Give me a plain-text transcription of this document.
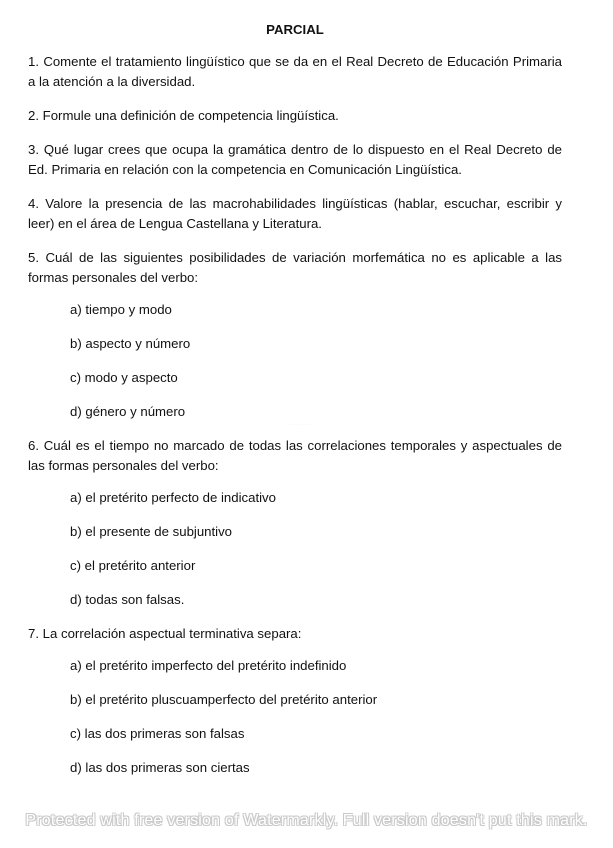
PARCIAL

1. Comente el tratamiento lingüístico que se da en el Real Decreto de Educación Primaria a la atención a la diversidad.

2. Formule una definición de competencia lingüística.

3. Qué lugar crees que ocupa la gramática dentro de lo dispuesto en el Real Decreto de Ed. Primaria en relación con la competencia en Comunicación Lingüística.

4. Valore la presencia de las macrohabilidades lingüísticas (hablar, escuchar, escribir y leer) en el área de Lengua Castellana y Literatura.

5. Cuál de las siguientes posibilidades de variación morfemática no es aplicable a las formas personales del verbo:

a) tiempo y modo
b) aspecto y número
c) modo y aspecto
d) género y número

6. Cuál es el tiempo no marcado de todas las correlaciones temporales y aspectuales de las formas personales del verbo:

a) el pretérito perfecto de indicativo
b) el presente de subjuntivo
c) el pretérito anterior
d) todas son falsas.

7. La correlación aspectual terminativa separa:

a) el pretérito imperfecto del pretérito indefinido
b) el pretérito pluscuamperfecto del pretérito anterior
c) las dos primeras son falsas
d) las dos primeras son ciertas
· · · · · · · · · · ·
Protected with free version of Watermarkly. Full version doesn't put this mark.
